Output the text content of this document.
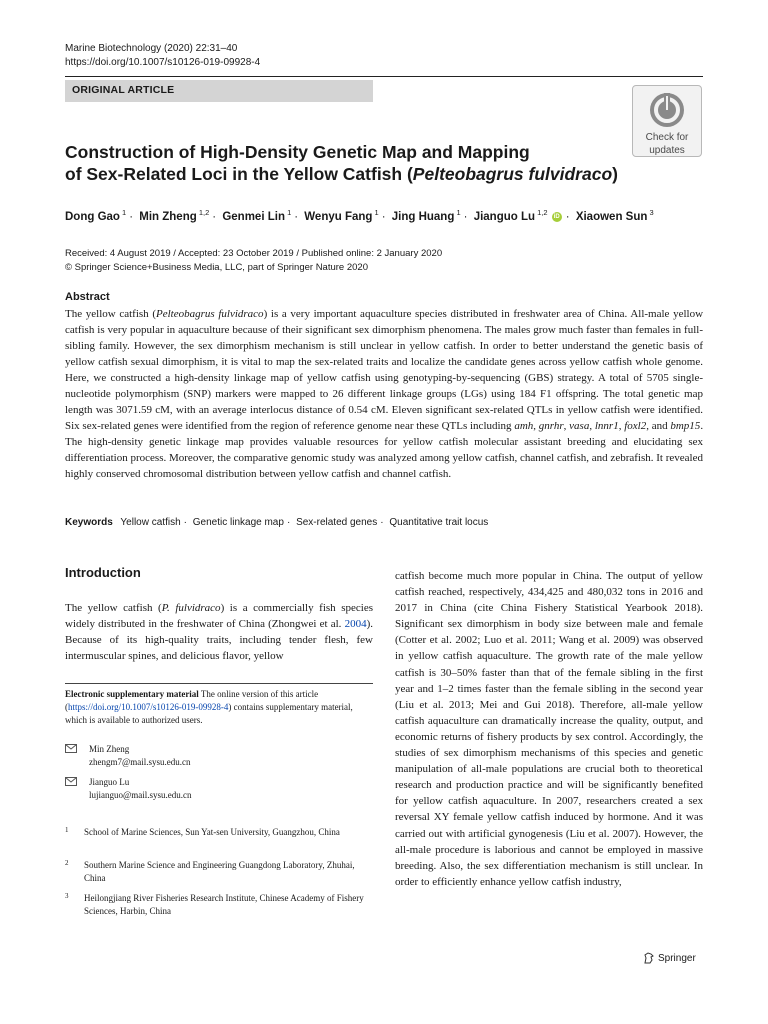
Marine Biotechnology (2020) 22:31–40
https://doi.org/10.1007/s10126-019-09928-4
ORIGINAL ARTICLE
Check for
updates
Construction of High-Density Genetic Map and Mapping
of Sex-Related Loci in the Yellow Catfish (Pelteobagrus fulvidraco)
Dong Gao $^1$ · Min Zheng $^{1,2}$ · Genmei Lin $^1$ · Wenyu Fang $^1$ · Jing Huang $^1$ · Jianguo Lu $^{1,2}$ iD · Xiaowen Sun $^3$
Received: 4 August 2019 / Accepted: 23 October 2019 / Published online: 2 January 2020
© Springer Science+Business Media, LLC, part of Springer Nature 2020
Abstract
The yellow catfish (Pelteobagrus fulvidraco) is a very important aquaculture species distributed in freshwater area of China. All-male yellow catfish is very popular in aquaculture because of their significant sex dimorphism phenomena. The males grow much faster than females in full-sibling family. However, the sex dimorphism mechanism is still unclear in yellow catfish. In order to better understand the genetic basis of yellow catfish sexual dimorphism, it is vital to map the sex-related traits and localize the candidate genes across yellow catfish whole genome. Here, we constructed a high-density linkage map of yellow catfish using genotyping-by-sequencing (GBS) strategy. A total of 5705 single-nucleotide polymorphism (SNP) markers were mapped to 26 different linkage groups (LGs) using 184 F1 offspring. The total genetic map length was 3071.59 cM, with an average interlocus distance of 0.54 cM. Eleven significant sex-related QTLs in yellow catfish were identified. Six sex-related genes were identified from the region of reference genome near these QTLs including amh, gnrhr, vasa, lnnr1, foxl2, and bmp15. The high-density genetic linkage map provides valuable resources for yellow catfish molecular assistant breeding and elucidating sex differentiation process. Moreover, the comparative genomic study was analyzed among yellow catfish, channel catfish, and zebrafish. It revealed highly conserved chromosomal distribution between yellow catfish and channel catfish.
Keywords Yellow catfish · Genetic linkage map · Sex-related genes · Quantitative trait locus
Introduction
The yellow catfish (P. fulvidraco) is a commercially fish species widely distributed in the freshwater of China (Zhongwei et al. 2004). Because of its high-quality traits, including tender flesh, few intermuscular spines, and delicious flavor, yellow
catfish become much more popular in China. The output of yellow catfish reached, respectively, 434,425 and 480,032 tons in 2016 and 2017 in China (cite China Fishery Statistical Yearbook 2018). Significant sex dimorphism in body size between male and female (Cotter et al. 2002; Luo et al. 2011; Wang et al. 2009) was observed in yellow catfish aquaculture. The growth rate of the male yellow catfish is 30–50% faster than that of the female sibling in the first year and 1–2 times faster than the female sibling in the second year (Liu et al. 2013; Mei and Gui 2018). Therefore, all-male yellow catfish aquaculture can dramatically increase the quality, output, and economic returns of fishery products by sex control. Accordingly, the studies of sex dimorphism mechanisms of this species and genetic manipulation of all-male populations are crucial both to theoretical research and production practice and will be significantly benefited for yellow catfish aquaculture. In 2007, researchers created a sex reversal XY female yellow catfish induced by hormone. And it was carried out with artificial gynogenesis (Liu et al. 2007). However, the all-male procedure is laborious and cannot be employed in massive breeding. Also, the sex differentiation mechanism is still unclear. In order to efficiently enhance yellow catfish industry,
Electronic supplementary material The online version of this article (https://doi.org/10.1007/s10126-019-09928-4) contains supplementary material, which is available to authorized users.
Min Zheng
zhengm7@mail.sysu.edu.cn
Jianguo Lu
lujianguo@mail.sysu.edu.cn
1 School of Marine Sciences, Sun Yat-sen University, Guangzhou, China
2 Southern Marine Science and Engineering Guangdong Laboratory, Zhuhai, China
3 Heilongjiang River Fisheries Research Institute, Chinese Academy of Fishery Sciences, Harbin, China
Springer
